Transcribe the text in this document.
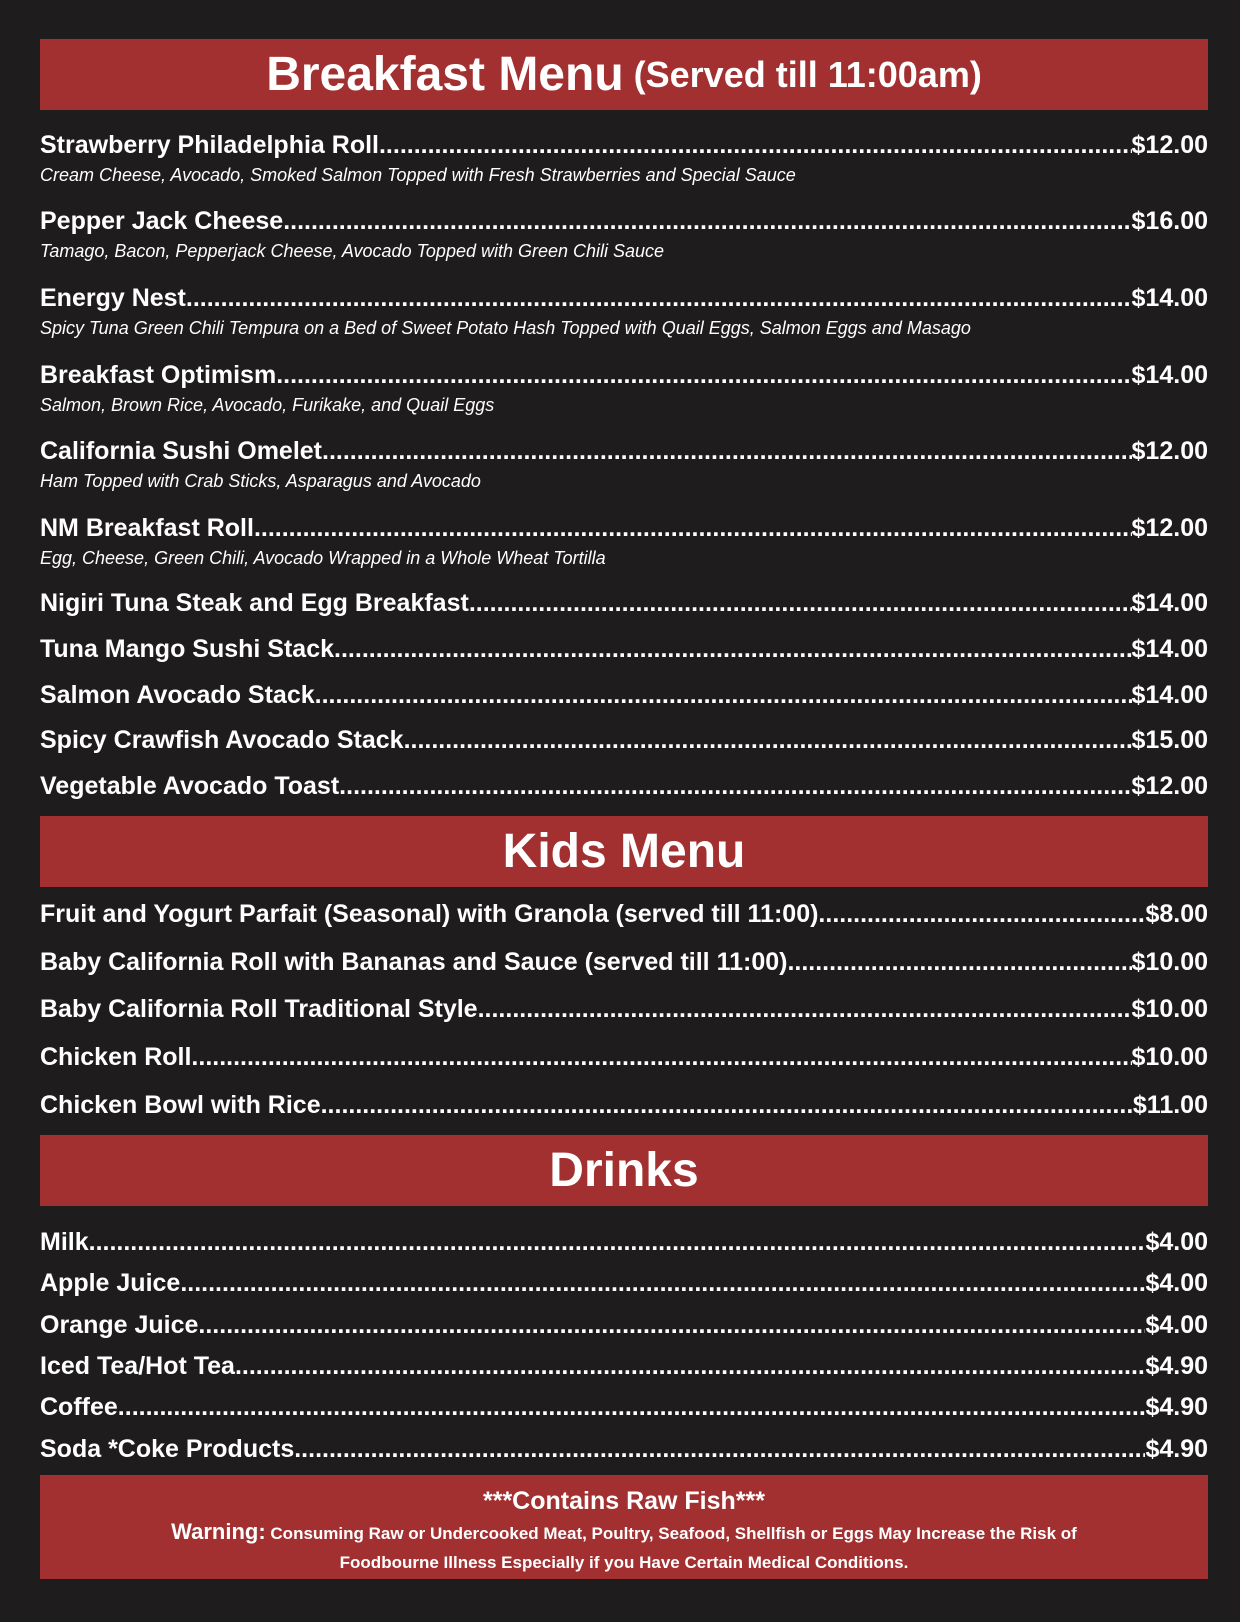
Breakfast Menu (Served till 11:00am)
Strawberry Philadelphia Roll .....	$12.00
Cream Cheese, Avocado, Smoked Salmon Topped with Fresh Strawberries and Special Sauce
Pepper Jack Cheese .....	$16.00
Tamago, Bacon, Pepperjack Cheese, Avocado Topped with Green Chili Sauce
Energy Nest .....	$14.00
Spicy Tuna Green Chili Tempura on a Bed of Sweet Potato Hash Topped with Quail Eggs, Salmon Eggs and Masago
Breakfast Optimism .....	$14.00
Salmon, Brown Rice, Avocado, Furikake, and Quail Eggs
California Sushi Omelet .....	$12.00
Ham Topped with Crab Sticks, Asparagus and Avocado
NM Breakfast Roll .....	$12.00
Egg, Cheese, Green Chili, Avocado Wrapped in a Whole Wheat Tortilla
Nigiri Tuna Steak and Egg Breakfast .....	$14.00
Tuna Mango Sushi Stack .....	$14.00
Salmon Avocado Stack .....	$14.00
Spicy Crawfish Avocado Stack .....	$15.00
Vegetable Avocado Toast .....	$12.00
Kids Menu
Fruit and Yogurt Parfait (Seasonal) with Granola (served till 11:00) .....	$8.00
Baby California Roll with Bananas and Sauce (served till 11:00) .....	$10.00
Baby California Roll Traditional Style .....	$10.00
Chicken Roll .....	$10.00
Chicken Bowl with Rice .....	$11.00
Drinks
Milk .....	$4.00
Apple Juice .....	$4.00
Orange Juice .....	$4.00
Iced Tea/Hot Tea .....	$4.90
Coffee .....	$4.90
Soda *Coke Products .....	$4.90
***Contains Raw Fish***
Warning: Consuming Raw or Undercooked Meat, Poultry, Seafood, Shellfish or Eggs May Increase the Risk of Foodbourne Illness Especially if you Have Certain Medical Conditions.
